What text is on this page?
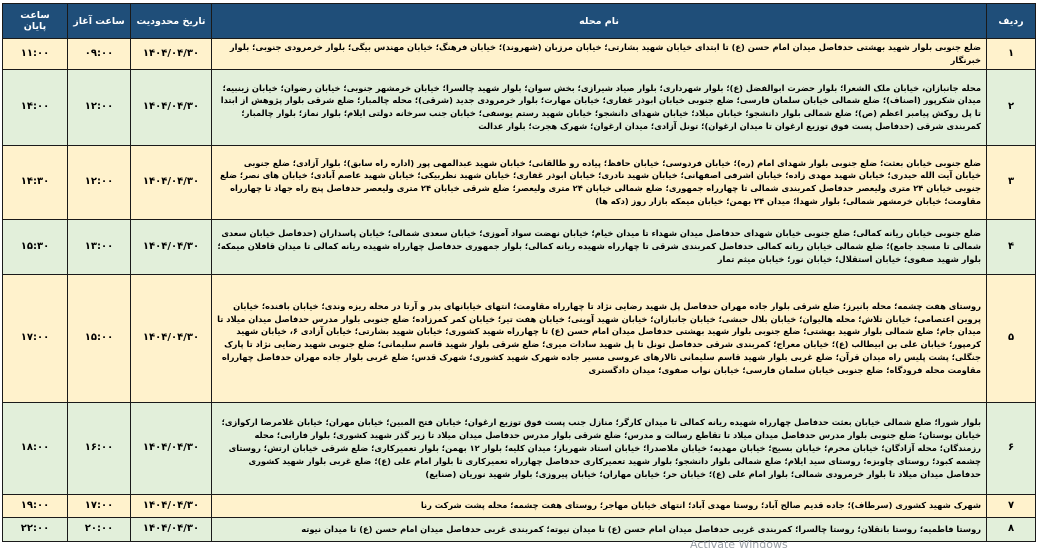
ردیف	نام محله	تاریخ محدودیت	ساعت آغاز	ساعت پایان
۱	ضلع جنوبی بلوار شهید بهشتی حدفاصل میدان امام حسن (ع) تا ابتدای خیابان شهید بشارتی؛ خیابان مرزبان (شهروند)؛ خیابان فرهنگ؛ خیابان مهندس بیگی؛ بلوار خرمرودی جنوبی؛ بلوار خبرنگار	۱۴۰۴/۰۴/۳۰	۰۹:۰۰	۱۱:۰۰
۲	محله جانبازان، خیابان ملک الشعرا؛ بلوار حضرت ابوالفضل (ع)؛ بلوار شهرداری؛ بلوار صیاد شیرازی؛ بخش سوان؛ بلوار شهید چالسرا؛ خیابان خرمشهر جنوبی؛ خیابان رضوان؛ خیابان زینبیه؛ میدان شکرپور (اصناف)؛ ضلع شمالی خیابان سلمان فارسی؛ ضلع جنوبی خیابان ابوذر غفاری؛ خیابان مهارت؛ بلوار خرمرودی جدید (شرقی)؛ محله چالمبار؛ ضلع شرقی بلوار پژوهش از ابتدا تا پل روکش پیامبر اعظم (ص)؛ ضلع شمالی بلوار دانشجو؛ خیابان میلاد؛ خیابان شهدای دانشجو؛ خیابان شهید رستم یوسفی؛ خیابان جنب سرخانه دولتی ایلام؛ بلوار نماز؛ بلوار چالمبار؛ کمربندی شرقی (حدفاصل پست فوق توزیع ارغوان تا میدان ارغوان)؛ تونل آزادی؛ میدان ارغوان؛ شهرک هجرت؛ بلوار عدالت	۱۴۰۴/۰۴/۳۰	۱۲:۰۰	۱۴:۰۰
۳	ضلع جنوبی خیابان بعثت؛ ضلع جنوبی بلوار شهدای امام (ره)؛ خیابان فردوسی؛ خیابان حافظ؛ پیاده رو طالقانی؛ خیابان شهید عبدالمهی پور (اداره راه سابق)؛ بلوار آزادی؛ ضلع جنوبی خیابان آیت الله حیدری؛ خیابان شهید مهدی زاده؛ خیابان اشرفی اصفهانی؛ خیابان شهید نادری؛ خیابان ابوذر غفاری؛ خیابان شهید نظربیکی؛ خیابان شهید عاصم آبادی؛ خیابان های نصر؛ ضلع جنوبی خیابان ۲۴ متری ولیعصر حدفاصل کمربندی شمالی تا چهارراه جمهوری؛ ضلع شمالی خیابان ۲۴ متری ولیعصر؛ ضلع شرقی خیابان ۲۴ متری ولیعصر حدفاصل پنج راه جهاد تا چهارراه مقاومت؛ خیابان خرمشهر شمالی؛ بلوار شهدا؛ میدان ۲۴ بهمن؛ خیابان میمکه بازار روز (دکه ها)	۱۴۰۴/۰۴/۳۰	۱۲:۰۰	۱۴:۳۰
۴	ضلع جنوبی خیابان ریانه کمالی؛ ضلع جنوبی خیابان شهدای حدفاصل میدان شهداء تا میدان خیام؛ خیابان نهضت سواد آموزی؛ خیابان سعدی شمالی؛ خیابان پاسداران (حدفاصل خیابان سعدی شمالی تا مسجد جامع)؛ ضلع شمالی خیابان ریانه کمالی حدفاصل کمربندی شرقی تا چهارراه شهیده ریانه کمالی؛ بلوار جمهوری حدفاصل چهارراه شهیده ریانه کمالی تا میدان قافلان میمکه؛ بلوار شهید صفوی؛ خیابان استقلال؛ خیابان نور؛ خیابان میثم تمار	۱۴۰۴/۰۴/۳۰	۱۳:۰۰	۱۵:۳۰
۵	روستای هفت چشمه؛ محله بانیرز؛ ضلع شرقی بلوار جاده مهران حدفاصل پل شهید رضایی نژاد تا چهارراه مقاومت؛ انتهای خیابانهای بدر و آرتا در محله ریزه وندی؛ خیابان بافنده؛ خیابان پروین اعتصامی؛ خیابان تلاش؛ محله هالیوان؛ خیابان بلال حبشی؛ خیابان جانبازان؛ خیابان شهید آوینی؛ خیابان هفت تیر؛ خیابان کمر کمرزاده؛ ضلع جنوبی بلوار مدرس حدفاصل میدان میلاد تا میدان جام؛ ضلع شمالی بلوار شهید بهشتی؛ ضلع جنوبی بلوار شهید بهشتی حدفاصل میدان امام حسن (ع) تا چهارراه شهید کشوری؛ خیابان شهید بشارتی؛ خیابان آزادی ۶، خیابان شهید کرمپور؛ خیابان علی بن ابیطالب (ع)؛ خیابان معراج؛ کمربندی شرقی حدفاصل تونل تا پل شهید سادات میری؛ ضلع شرقی بلوار شهید قاسم سلیمانی؛ ضلع جنوبی شهید رضایی نژاد تا پارک جنگلی؛ پشت پلیس راه میدان قرآن؛ ضلع غربی بلوار شهید قاسم سلیمانی تالارهای عروسی مسیر جاده شهرک شهید کشوری؛ شهرک قدس؛ ضلع غربی بلوار جاده مهران حدفاصل چهارراه مقاومت محله فرودگاه؛ ضلع جنوبی خیابان سلمان فارسی؛ خیابان نواب صفوی؛ میدان دادگستری	۱۴۰۴/۰۴/۳۰	۱۵:۰۰	۱۷:۰۰
۶	بلوار شورا؛ ضلع شمالی خیابان بعثت حدفاصل چهارراه شهیده ریانه کمالی تا میدان کارگر؛ منازل جنب پست فوق توزیع ارغوان؛ خیابان فتح المبین؛ خیابان مهران؛ خیابان غلامرضا ارکوازی؛ خیابان بوستان؛ ضلع جنوبی بلوار مدرس حدفاصل میدان میلاد تا تقاطع رسالت و مدرس؛ ضلع شرقی بلوار مدرس حدفاصل میدان میلاد تا زیر گذر شهید کشوری؛ بلوار فارابی؛ محله رزمندگان؛ محله آزادگان؛ خیابان محرم؛ خیابان بسیج؛ خیابان مهدیه؛ خیابان ملاصدرا؛ خیابان استاد شهریار؛ میدان کلیه؛ بلوار ۱۲ بهمن؛ بلوار تعمیرکاری؛ ضلع شرقی خیابان ارتش؛ روستای چشمه کبود؛ روستای چاوبزه؛ روستای سید ایلام؛ ضلع شمالی بلوار دانشجو؛ بلوار شهید تعمیرکاری حدفاصل چهارراه تعمیرکاری تا بلوار امام علی (ع)؛ ضلع غربی بلوار شهید کشوری حدفاصل میدان میلاد تا بلوار خرمرودی شمالی؛ بلوار امام علی (ع)؛ خیابان حر؛ خیابان مهاران؛ خیابان پیروزی؛ بلوار شهید نوریان (صنایع)	۱۴۰۴/۰۴/۳۰	۱۶:۰۰	۱۸:۰۰
۷	شهرک شهید کشوری (سرطاف)؛ جاده قدیم صالح آباد؛ روستا مهدی آباد؛ انتهای خیابان مهاجر؛ روستای هفت چشمه؛ محله پشت شرکت رنا	۱۴۰۴/۰۴/۳۰	۱۷:۰۰	۱۹:۰۰
۸	روستا فاطمیه؛ روستا بانقلان؛ روستا چالسرا؛ کمربندی غربی حدفاصل میدان امام حسن (ع) تا میدان نیوته؛ کمربندی غربی حدفاصل میدان امام حسن (ع) تا میدان نیوته	۱۴۰۴/۰۴/۳۰	۲۰:۰۰	۲۲:۰۰
Activate Windows
